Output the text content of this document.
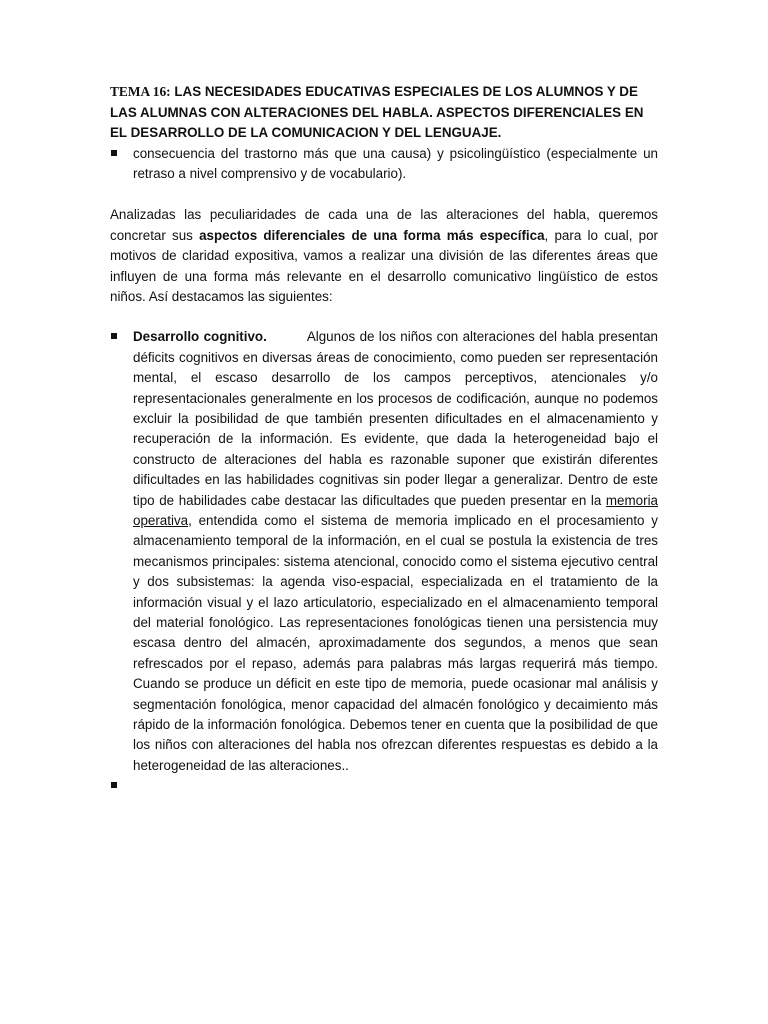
TEMA 16: LAS NECESIDADES EDUCATIVAS ESPECIALES DE LOS ALUMNOS Y DE LAS ALUMNAS CON ALTERACIONES DEL HABLA. ASPECTOS DIFERENCIALES EN EL DESARROLLO DE LA COMUNICACION Y DEL LENGUAJE.

consecuencia del trastorno más que una causa) y psicolingüístico (especialmente un retraso a nivel comprensivo y de vocabulario).

Analizadas las peculiaridades de cada una de las alteraciones del habla, queremos concretar sus aspectos diferenciales de una forma más específica, para lo cual, por motivos de claridad expositiva, vamos a realizar una división de las diferentes áreas que influyen de una forma más relevante en el desarrollo comunicativo lingüístico de estos niños. Así destacamos las siguientes:

Desarrollo cognitivo.	Algunos de los niños con alteraciones del habla presentan déficits cognitivos en diversas áreas de conocimiento, como pueden ser representación mental, el escaso desarrollo de los campos perceptivos, atencionales y/o representacionales generalmente en los procesos de codificación, aunque no podemos excluir la posibilidad de que también presenten dificultades en el almacenamiento y recuperación de la información. Es evidente, que dada la heterogeneidad bajo el constructo de alteraciones del habla es razonable suponer que existirán diferentes dificultades en las habilidades cognitivas sin poder llegar a generalizar. Dentro de este tipo de habilidades cabe destacar las dificultades que pueden presentar en la memoria operativa, entendida como el sistema de memoria implicado en el procesamiento y almacenamiento temporal de la información, en el cual se postula la existencia de tres mecanismos principales: sistema atencional, conocido como el sistema ejecutivo central y dos subsistemas: la agenda viso-espacial, especializada en el tratamiento de la información visual y el lazo articulatorio, especializado en el almacenamiento temporal del material fonológico. Las representaciones fonológicas tienen una persistencia muy escasa dentro del almacén, aproximadamente dos segundos, a menos que sean refrescados por el repaso, además para palabras más largas requerirá más tiempo. Cuando se produce un déficit en este tipo de memoria, puede ocasionar mal análisis y segmentación fonológica, menor capacidad del almacén fonológico y decaimiento más rápido de la información fonológica. Debemos tener en cuenta que la posibilidad de que los niños con alteraciones del habla nos ofrezcan diferentes respuestas es debido a la heterogeneidad de las alteraciones..
